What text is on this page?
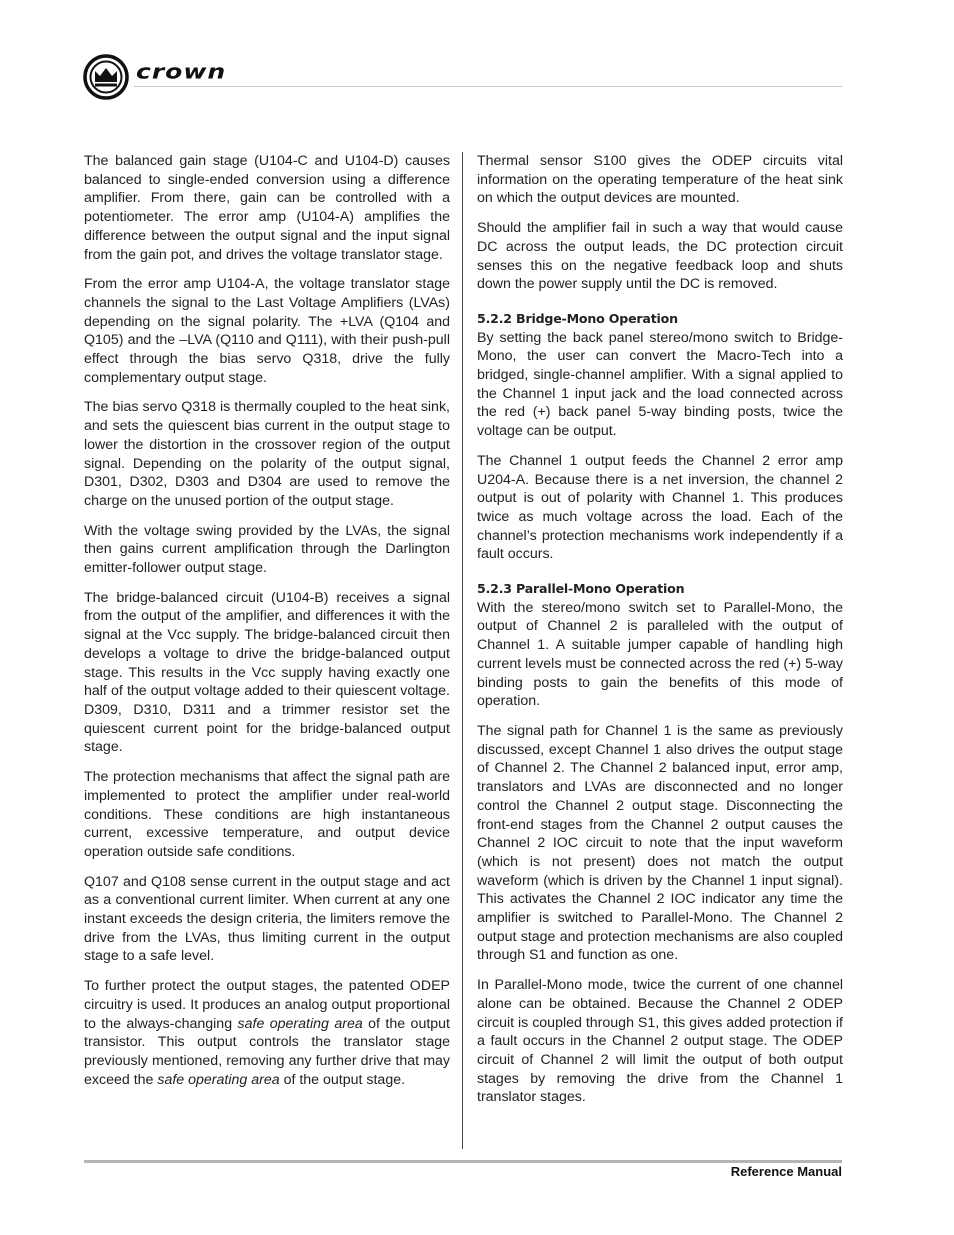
crown

The balanced gain stage (U104-C and U104-D) causes balanced to single-ended conversion using a difference amplifier. From there, gain can be controlled with a potentiometer. The error amp (U104-A) amplifies the difference between the output signal and the input signal from the gain pot, and drives the voltage translator stage.

From the error amp U104-A, the voltage translator stage channels the signal to the Last Voltage Amplifiers (LVAs) depending on the signal polarity. The +LVA (Q104 and Q105) and the –LVA (Q110 and Q111), with their push-pull effect through the bias servo Q318, drive the fully complementary output stage.

The bias servo Q318 is thermally coupled to the heat sink, and sets the quiescent bias current in the output stage to lower the distortion in the crossover region of the output signal. Depending on the polarity of the output signal, D301, D302, D303 and D304 are used to remove the charge on the unused portion of the output stage.

With the voltage swing provided by the LVAs, the signal then gains current amplification through the Darlington emitter-follower output stage.

The bridge-balanced circuit (U104-B) receives a signal from the output of the amplifier, and differences it with the signal at the Vcc supply. The bridge-balanced circuit then develops a voltage to drive the bridge-balanced output stage. This results in the Vcc supply having exactly one half of the output voltage added to their quiescent voltage. D309, D310, D311 and a trimmer resistor set the quiescent current point for the bridge-balanced output stage.

The protection mechanisms that affect the signal path are implemented to protect the amplifier under real-world conditions. These conditions are high instantaneous current, excessive temperature, and output device operation outside safe conditions.

Q107 and Q108 sense current in the output stage and act as a conventional current limiter. When current at any one instant exceeds the design criteria, the limiters remove the drive from the LVAs, thus limiting current in the output stage to a safe level.

To further protect the output stages, the patented ODEP circuitry is used. It produces an analog output proportional to the always-changing safe operating area of the output transistor. This output controls the translator stage previously mentioned, removing any further drive that may exceed the safe operating area of the output stage.

Thermal sensor S100 gives the ODEP circuits vital information on the operating temperature of the heat sink on which the output devices are mounted.

Should the amplifier fail in such a way that would cause DC across the output leads, the DC protection circuit senses this on the negative feedback loop and shuts down the power supply until the DC is removed.

5.2.2 Bridge-Mono Operation

By setting the back panel stereo/mono switch to Bridge-Mono, the user can convert the Macro-Tech into a bridged, single-channel amplifier. With a signal applied to the Channel 1 input jack and the load connected across the red (+) back panel 5-way binding posts, twice the voltage can be output.

The Channel 1 output feeds the Channel 2 error amp U204-A. Because there is a net inversion, the channel 2 output is out of polarity with Channel 1. This produces twice as much voltage across the load. Each of the channel’s protection mechanisms work independently if a fault occurs.

5.2.3 Parallel-Mono Operation

With the stereo/mono switch set to Parallel-Mono, the output of Channel 2 is paralleled with the output of Channel 1. A suitable jumper capable of handling high current levels must be connected across the red (+) 5-way binding posts to gain the benefits of this mode of operation.

The signal path for Channel 1 is the same as previously discussed, except Channel 1 also drives the output stage of Channel 2. The Channel 2 balanced input, error amp, translators and LVAs are disconnected and no longer control the Channel 2 output stage. Disconnecting the front-end stages from the Channel 2 output causes the Channel 2 IOC circuit to note that the input waveform (which is not present) does not match the output waveform (which is driven by the Channel 1 input signal). This activates the Channel 2 IOC indicator any time the amplifier is switched to Parallel-Mono. The Channel 2 output stage and protection mechanisms are also coupled through S1 and function as one.

In Parallel-Mono mode, twice the current of one channel alone can be obtained. Because the Channel 2 ODEP circuit is coupled through S1, this gives added protection if a fault occurs in the Channel 2 output stage. The ODEP circuit of Channel 2 will limit the output of both output stages by removing the drive from the Channel 1 translator stages.

Reference Manual
